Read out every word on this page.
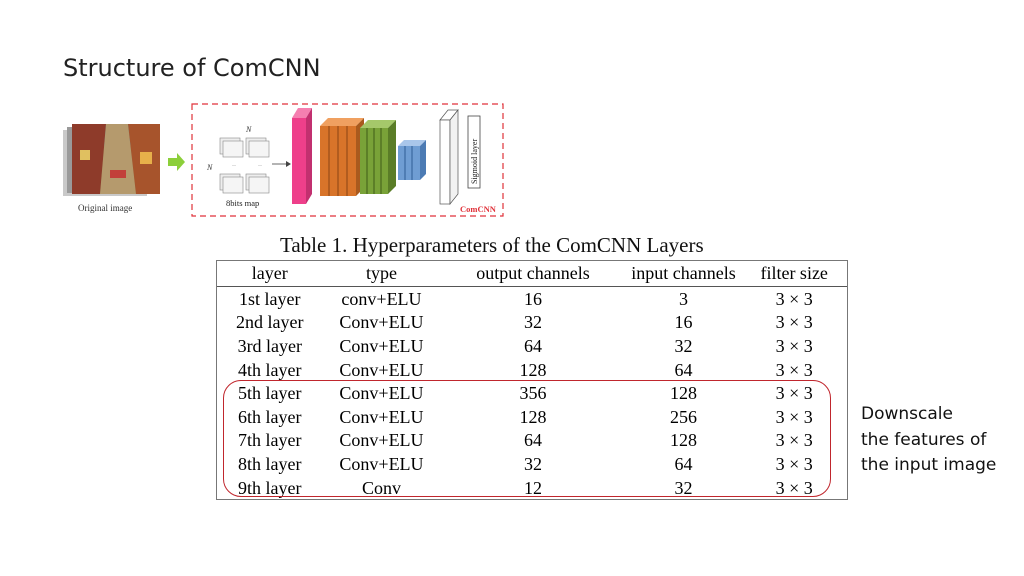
Structure of ComCNN
Original image
N
N	··	··
8bits map
Sigmoid layer
ComCNN
Table 1. Hyperparameters of the ComCNN Layers
layer	type	output channels	input channels	filter size
1st layer	conv+ELU	16	3	3 × 3
2nd layer	Conv+ELU	32	16	3 × 3
3rd layer	Conv+ELU	64	32	3 × 3
4th layer	Conv+ELU	128	64	3 × 3
5th layer	Conv+ELU	356	128	3 × 3
6th layer	Conv+ELU	128	256	3 × 3
7th layer	Conv+ELU	64	128	3 × 3
8th layer	Conv+ELU	32	64	3 × 3
9th layer	Conv	12	32	3 × 3
Downscale
the features of
the input image
